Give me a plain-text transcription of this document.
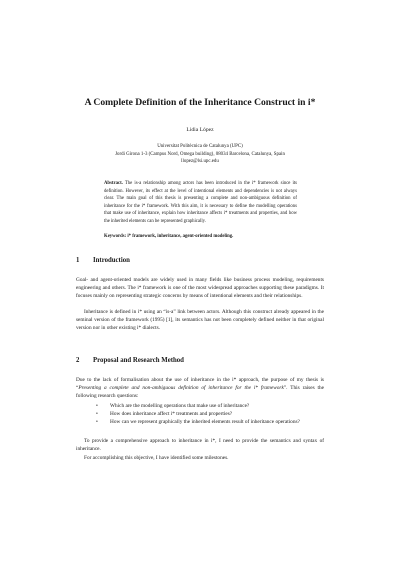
A Complete Definition of the Inheritance Construct in i*
Lidia López
Universitat Politècnica de Catalunya (UPC)
Jordi Girona 1-3 (Campus Nord, Omega building), 08034 Barcelona, Catalunya, Spain
llopez@lsi.upc.edu
Abstract. The is-a relationship among actors has been introduced in the i* framework since its definition. However, its effect at the level of intentional elements and dependencies is not always clear. The main goal of this thesis is presenting a complete and non-ambiguous definition of inheritance for the i* framework. With this aim, it is necessary to define the modelling operations that make use of inheritance, explain how inheritance affects i* treatments and properties, and how the inherited elements can be represented graphically.
Keywords: i* framework, inheritance, agent-oriented modeling.
1 Introduction
Goal- and agent-oriented models are widely used in many fields like business process modeling, requirements engineering and others. The i* framework is one of the most widespread approaches supporting these paradigms. It focuses mainly on representing strategic concerns by means of intentional elements and their relationships.
Inheritance is defined in i* using an “is-a” link between actors. Although this construct already appeared in the seminal version of the framework (1995) [1], its semantics has not been completely defined neither in that original version nor in other existing i* dialects.
2 Proposal and Research Method
Due to the lack of formalisation about the use of inheritance in the i* approach, the purpose of my thesis is “Presenting a complete and non-ambiguous definition of inheritance for the i* framework”. This raises the following research questions:
• Which are the modelling operations that make use of inheritance?
• How does inheritance affect i* treatments and properties?
• How can we represent graphically the inherited elements result of inheritance operations?
To provide a comprehensive approach to inheritance in i*, I need to provide the semantics and syntax of inheritance.
For accomplishing this objective, I have identified some milestones.
